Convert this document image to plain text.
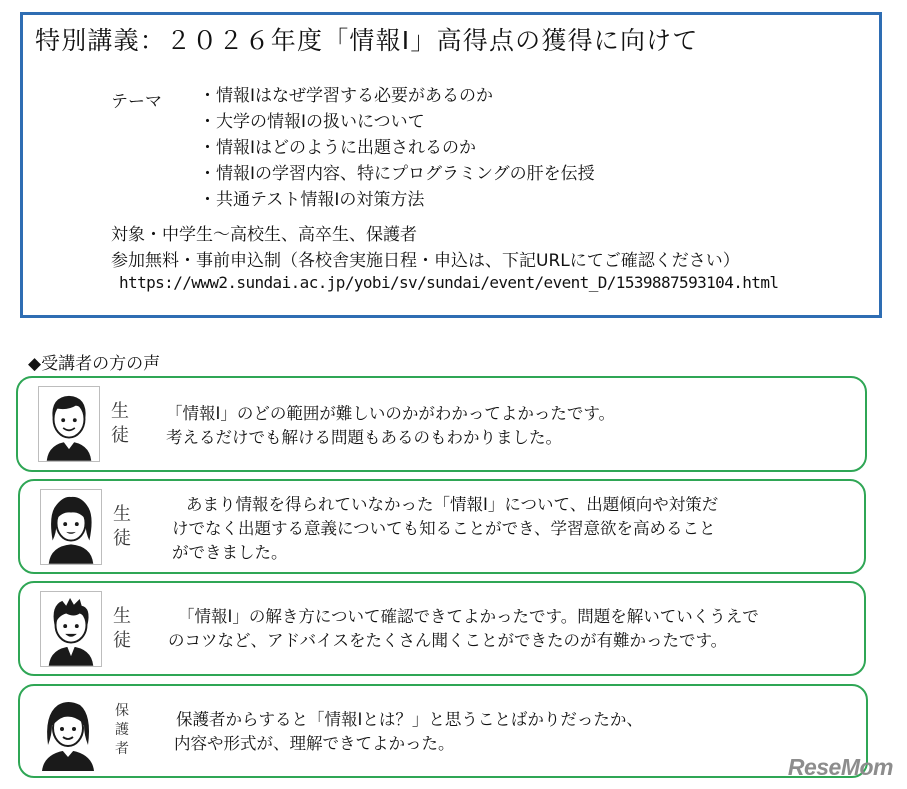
特別講義：２０２６年度「情報Ⅰ」高得点の獲得に向けて
テーマ ・情報Ⅰはなぜ学習する必要があるのか
・大学の情報Ⅰの扱いについて
・情報Ⅰはどのように出題されるのか
・情報Ⅰの学習内容、特にプログラミングの肝を伝授
・共通テスト情報Ⅰの対策方法
対象・中学生～高校生、高卒生、保護者
参加無料・事前申込制（各校舎実施日程・申込は、下記URLにてご確認ください）
https://www2.sundai.ac.jp/yobi/sv/sundai/event/event_D/1539887593104.html
◆受講者の方の声
生
徒
「情報Ⅰ」のどの範囲が難しいのかがわかってよかったです。
考えるだけでも解ける問題もあるのもわかりました。
生
徒
あまり情報を得られていなかった「情報Ⅰ」について、出題傾向や対策だ
けでなく出題する意義についても知ることができ、学習意欲を高めること
ができました。
生
徒
「情報Ⅰ」の解き方について確認できてよかったです。問題を解いていくうえで
のコツなど、アドバイスをたくさん聞くことができたのが有難かったです。
保
護
者
保護者からすると「情報Ⅰとは？」と思うことばかりだったか、
内容や形式が、理解できてよかった。
ReseMom
